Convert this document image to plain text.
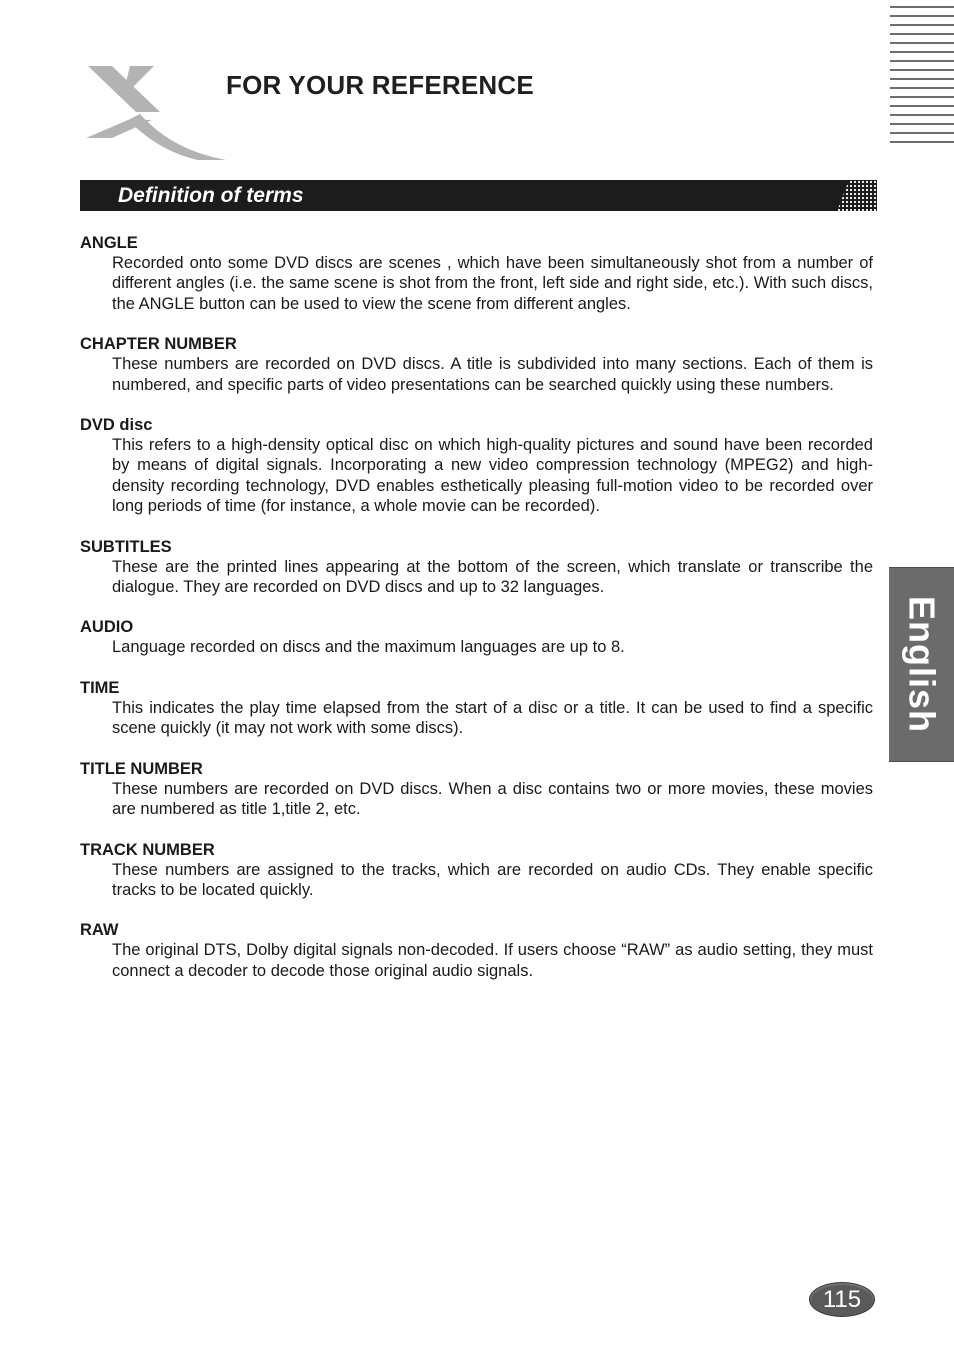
FOR YOUR REFERENCE
Definition of terms
ANGLE

Recorded onto some DVD discs are scenes , which have been simultaneously shot from a number of different angles (i.e. the same scene is shot from the front, left side and right side, etc.). With such discs, the ANGLE button can be used to view the scene from different angles.

CHAPTER NUMBER

These numbers are recorded on DVD discs. A title is subdivided into many sections. Each of them is numbered, and specific parts of video presentations can be searched quickly using these numbers.

DVD disc

This refers to a high-density optical disc on which high-quality pictures and sound have been recorded by means of digital signals. Incorporating a new video compression technology (MPEG2) and high-density recording technology, DVD enables esthetically pleasing full-motion video to be recorded over long periods of time (for instance, a whole movie can be recorded).

SUBTITLES

These are the printed lines appearing at the bottom of the screen, which translate or transcribe the dialogue. They are recorded on DVD discs and up to 32 languages.

AUDIO

Language recorded on discs and the maximum languages are up to 8.

TIME

This indicates the play time elapsed from the start of a disc or a title. It can be used to find a specific scene quickly (it may not work with some discs).

TITLE NUMBER

These numbers are recorded on DVD discs. When a disc contains two or more movies, these movies are numbered as title 1,title 2, etc.

TRACK NUMBER

These numbers are assigned to the tracks, which are recorded on audio CDs. They enable specific tracks to be located quickly.

RAW

The original DTS, Dolby digital signals non-decoded. If users choose “RAW” as audio setting, they must connect a decoder to decode those original audio signals.

English
115
